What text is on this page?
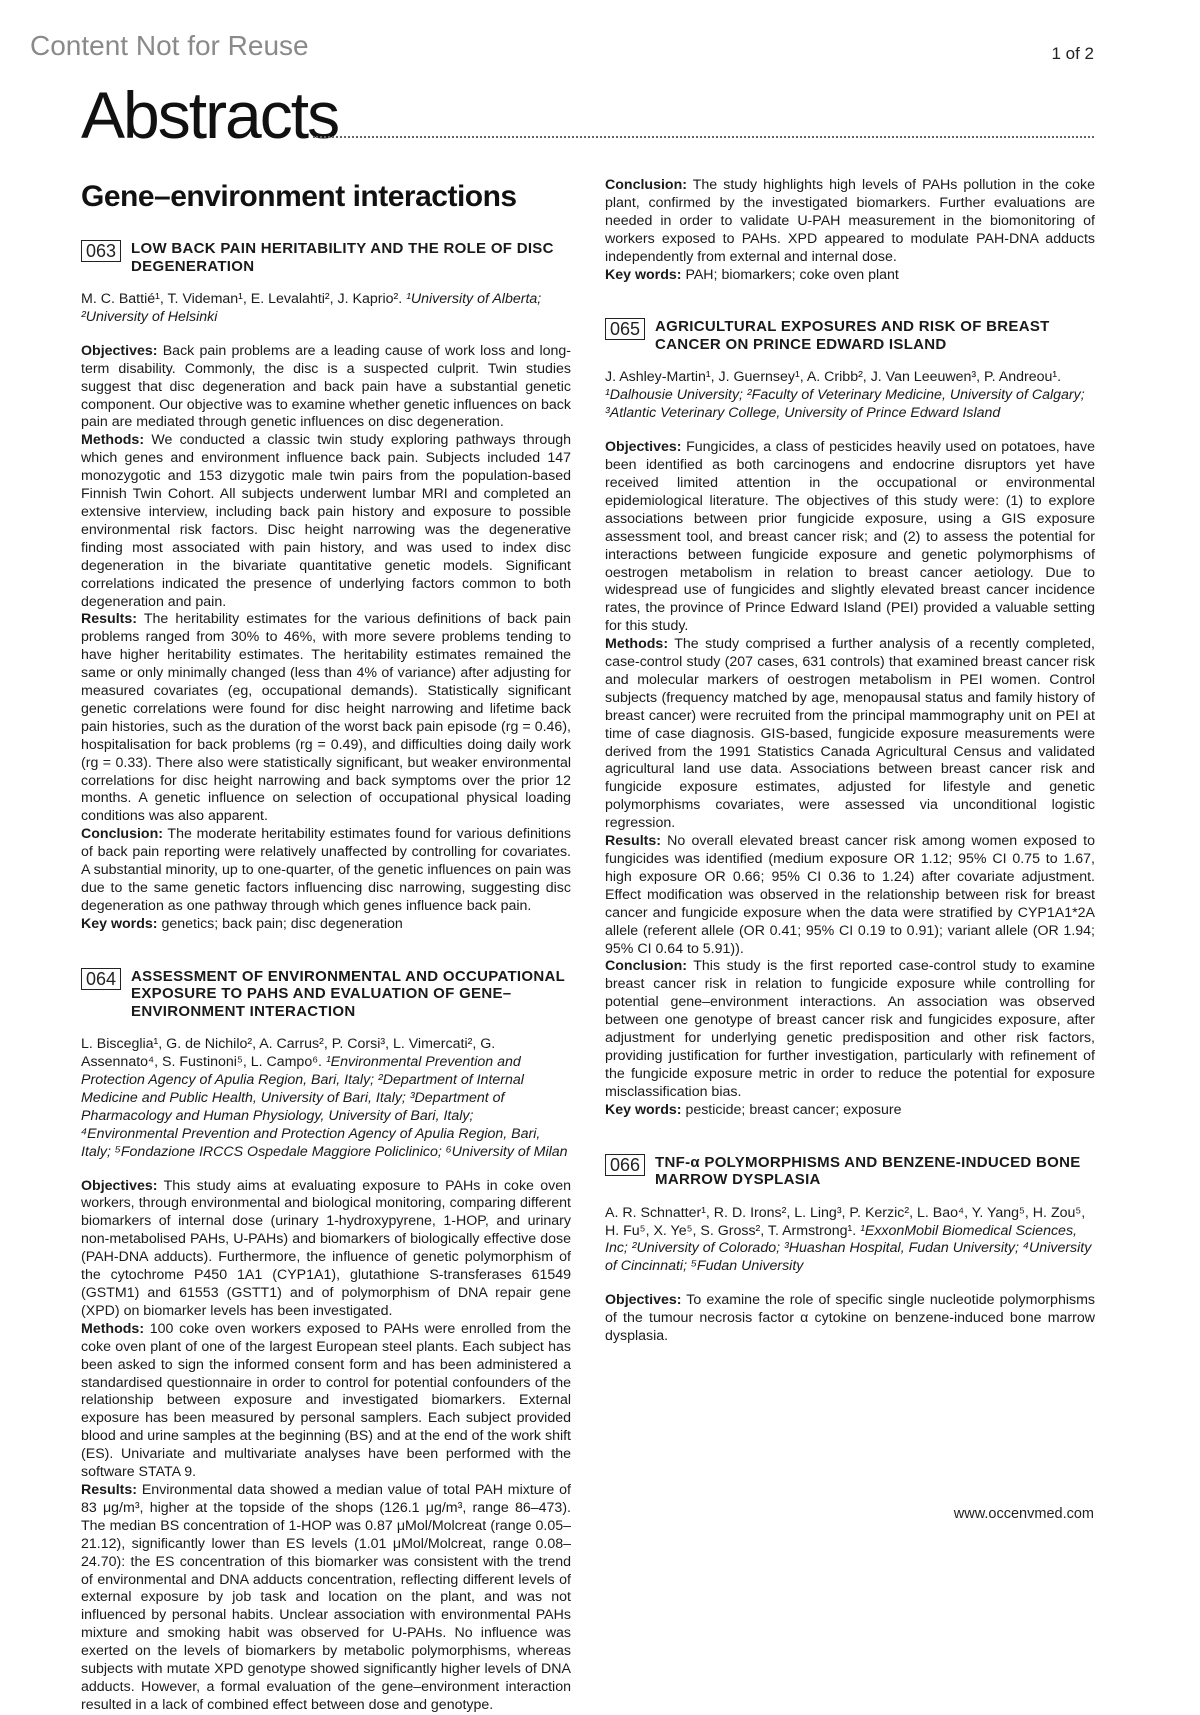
Content Not for Reuse	1 of 2
Abstracts
Gene–environment interactions
063	LOW BACK PAIN HERITABILITY AND THE ROLE OF DISC DEGENERATION

M. C. Battié¹, T. Videman¹, E. Levalahti², J. Kaprio². ¹University of Alberta; ²University of Helsinki

Objectives: Back pain problems are a leading cause of work loss and long-term disability. Commonly, the disc is a suspected culprit. Twin studies suggest that disc degeneration and back pain have a substantial genetic component. Our objective was to examine whether genetic influences on back pain are mediated through genetic influences on disc degeneration.

Methods: We conducted a classic twin study exploring pathways through which genes and environment influence back pain. Subjects included 147 monozygotic and 153 dizygotic male twin pairs from the population-based Finnish Twin Cohort. All subjects underwent lumbar MRI and completed an extensive interview, including back pain history and exposure to possible environmental risk factors. Disc height narrowing was the degenerative finding most associated with pain history, and was used to index disc degeneration in the bivariate quantitative genetic models. Significant correlations indicated the presence of underlying factors common to both degeneration and pain.

Results: The heritability estimates for the various definitions of back pain problems ranged from 30% to 46%, with more severe problems tending to have higher heritability estimates. The heritability estimates remained the same or only minimally changed (less than 4% of variance) after adjusting for measured covariates (eg, occupational demands). Statistically significant genetic correlations were found for disc height narrowing and lifetime back pain histories, such as the duration of the worst back pain episode (rg = 0.46), hospitalisation for back problems (rg = 0.49), and difficulties doing daily work (rg = 0.33). There also were statistically significant, but weaker environmental correlations for disc height narrowing and back symptoms over the prior 12 months. A genetic influence on selection of occupational physical loading conditions was also apparent.

Conclusion: The moderate heritability estimates found for various definitions of back pain reporting were relatively unaffected by controlling for covariates. A substantial minority, up to one-quarter, of the genetic influences on pain was due to the same genetic factors influencing disc narrowing, suggesting disc degeneration as one pathway through which genes influence back pain.

Key words: genetics; back pain; disc degeneration

064	ASSESSMENT OF ENVIRONMENTAL AND OCCUPATIONAL EXPOSURE TO PAHS AND EVALUATION OF GENE–ENVIRONMENT INTERACTION

L. Bisceglia¹, G. de Nichilo², A. Carrus², P. Corsi³, L. Vimercati², G. Assennato⁴, S. Fustinoni⁵, L. Campo⁶. ¹Environmental Prevention and Protection Agency of Apulia Region, Bari, Italy; ²Department of Internal Medicine and Public Health, University of Bari, Italy; ³Department of Pharmacology and Human Physiology, University of Bari, Italy; ⁴Environmental Prevention and Protection Agency of Apulia Region, Bari, Italy; ⁵Fondazione IRCCS Ospedale Maggiore Policlinico; ⁶University of Milan

Objectives: This study aims at evaluating exposure to PAHs in coke oven workers, through environmental and biological monitoring, comparing different biomarkers of internal dose (urinary 1-hydroxypyrene, 1-HOP, and urinary non-metabolised PAHs, U-PAHs) and biomarkers of biologically effective dose (PAH-DNA adducts). Furthermore, the influence of genetic polymorphism of the cytochrome P450 1A1 (CYP1A1), glutathione S-transferases 61549 (GSTM1) and 61553 (GSTT1) and of polymorphism of DNA repair gene (XPD) on biomarker levels has been investigated.

Methods: 100 coke oven workers exposed to PAHs were enrolled from the coke oven plant of one of the largest European steel plants. Each subject has been asked to sign the informed consent form and has been administered a standardised questionnaire in order to control for potential confounders of the relationship between exposure and investigated biomarkers. External exposure has been measured by personal samplers. Each subject provided blood and urine samples at the beginning (BS) and at the end of the work shift (ES). Univariate and multivariate analyses have been performed with the software STATA 9.

Results: Environmental data showed a median value of total PAH mixture of 83 μg/m³, higher at the topside of the shops (126.1 μg/m³, range 86–473). The median BS concentration of 1-HOP was 0.87 μMol/Molcreat (range 0.05–21.12), significantly lower than ES levels (1.01 μMol/Molcreat, range 0.08–24.70): the ES concentration of this biomarker was consistent with the trend of environmental and DNA adducts concentration, reflecting different levels of external exposure by job task and location on the plant, and was not influenced by personal habits. Unclear association with environmental PAHs mixture and smoking habit was observed for U-PAHs. No influence was exerted on the levels of biomarkers by metabolic polymorphisms, whereas subjects with mutate XPD genotype showed significantly higher levels of DNA adducts. However, a formal evaluation of the gene–environment interaction resulted in a lack of combined effect between dose and genotype.

Conclusion: The study highlights high levels of PAHs pollution in the coke plant, confirmed by the investigated biomarkers. Further evaluations are needed in order to validate U-PAH measurement in the biomonitoring of workers exposed to PAHs. XPD appeared to modulate PAH-DNA adducts independently from external and internal dose.

Key words: PAH; biomarkers; coke oven plant

065	AGRICULTURAL EXPOSURES AND RISK OF BREAST CANCER ON PRINCE EDWARD ISLAND

J. Ashley-Martin¹, J. Guernsey¹, A. Cribb², J. Van Leeuwen³, P. Andreou¹. ¹Dalhousie University; ²Faculty of Veterinary Medicine, University of Calgary; ³Atlantic Veterinary College, University of Prince Edward Island

Objectives: Fungicides, a class of pesticides heavily used on potatoes, have been identified as both carcinogens and endocrine disruptors yet have received limited attention in the occupational or environmental epidemiological literature. The objectives of this study were: (1) to explore associations between prior fungicide exposure, using a GIS exposure assessment tool, and breast cancer risk; and (2) to assess the potential for interactions between fungicide exposure and genetic polymorphisms of oestrogen metabolism in relation to breast cancer aetiology. Due to widespread use of fungicides and slightly elevated breast cancer incidence rates, the province of Prince Edward Island (PEI) provided a valuable setting for this study.

Methods: The study comprised a further analysis of a recently completed, case-control study (207 cases, 631 controls) that examined breast cancer risk and molecular markers of oestrogen metabolism in PEI women. Control subjects (frequency matched by age, menopausal status and family history of breast cancer) were recruited from the principal mammography unit on PEI at time of case diagnosis. GIS-based, fungicide exposure measurements were derived from the 1991 Statistics Canada Agricultural Census and validated agricultural land use data. Associations between breast cancer risk and fungicide exposure estimates, adjusted for lifestyle and genetic polymorphisms covariates, were assessed via unconditional logistic regression.

Results: No overall elevated breast cancer risk among women exposed to fungicides was identified (medium exposure OR 1.12; 95% CI 0.75 to 1.67, high exposure OR 0.66; 95% CI 0.36 to 1.24) after covariate adjustment. Effect modification was observed in the relationship between risk for breast cancer and fungicide exposure when the data were stratified by CYP1A1*2A allele (referent allele (OR 0.41; 95% CI 0.19 to 0.91); variant allele (OR 1.94; 95% CI 0.64 to 5.91)).

Conclusion: This study is the first reported case-control study to examine breast cancer risk in relation to fungicide exposure while controlling for potential gene–environment interactions. An association was observed between one genotype of breast cancer risk and fungicides exposure, after adjustment for underlying genetic predisposition and other risk factors, providing justification for further investigation, particularly with refinement of the fungicide exposure metric in order to reduce the potential for exposure misclassification bias.

Key words: pesticide; breast cancer; exposure

066	TNF-α POLYMORPHISMS AND BENZENE-INDUCED BONE MARROW DYSPLASIA

A. R. Schnatter¹, R. D. Irons², L. Ling³, P. Kerzic², L. Bao⁴, Y. Yang⁵, H. Zou⁵, H. Fu⁵, X. Ye⁵, S. Gross², T. Armstrong¹. ¹ExxonMobil Biomedical Sciences, Inc; ²University of Colorado; ³Huashan Hospital, Fudan University; ⁴University of Cincinnati; ⁵Fudan University

Objectives: To examine the role of specific single nucleotide polymorphisms of the tumour necrosis factor α cytokine on benzene-induced bone marrow dysplasia.

www.occenvmed.com
